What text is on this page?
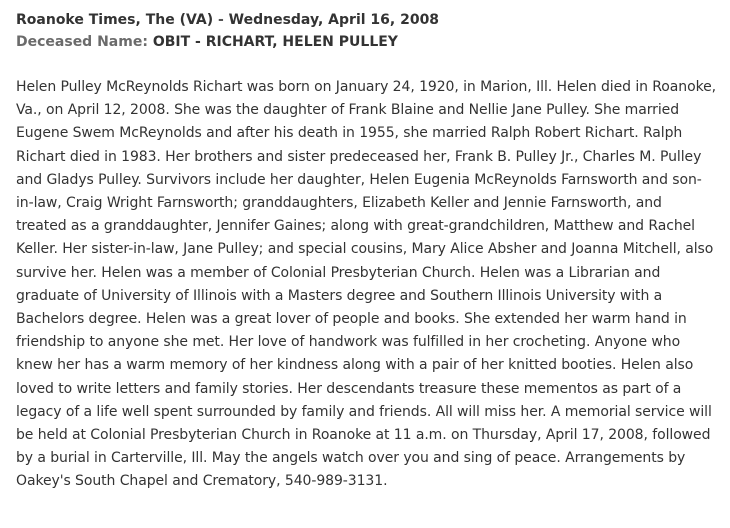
Roanoke Times, The (VA) - Wednesday, April 16, 2008
Deceased Name: OBIT - RICHART, HELEN PULLEY
Helen Pulley McReynolds Richart was born on January 24, 1920, in Marion, Ill. Helen died in Roanoke, Va., on April 12, 2008. She was the daughter of Frank Blaine and Nellie Jane Pulley. She married Eugene Swem McReynolds and after his death in 1955, she married Ralph Robert Richart. Ralph Richart died in 1983. Her brothers and sister predeceased her, Frank B. Pulley Jr., Charles M. Pulley and Gladys Pulley. Survivors include her daughter, Helen Eugenia McReynolds Farnsworth and son-in-law, Craig Wright Farnsworth; granddaughters, Elizabeth Keller and Jennie Farnsworth, and treated as a granddaughter, Jennifer Gaines; along with great-grandchildren, Matthew and Rachel Keller. Her sister-in-law, Jane Pulley; and special cousins, Mary Alice Absher and Joanna Mitchell, also survive her. Helen was a member of Colonial Presbyterian Church. Helen was a Librarian and graduate of University of Illinois with a Masters degree and Southern Illinois University with a Bachelors degree. Helen was a great lover of people and books. She extended her warm hand in friendship to anyone she met. Her love of handwork was fulfilled in her crocheting. Anyone who knew her has a warm memory of her kindness along with a pair of her knitted booties. Helen also loved to write letters and family stories. Her descendants treasure these mementos as part of a legacy of a life well spent surrounded by family and friends. All will miss her. A memorial service will be held at Colonial Presbyterian Church in Roanoke at 11 a.m. on Thursday, April 17, 2008, followed by a burial in Carterville, Ill. May the angels watch over you and sing of peace. Arrangements by Oakey's South Chapel and Crematory, 540-989-3131.
